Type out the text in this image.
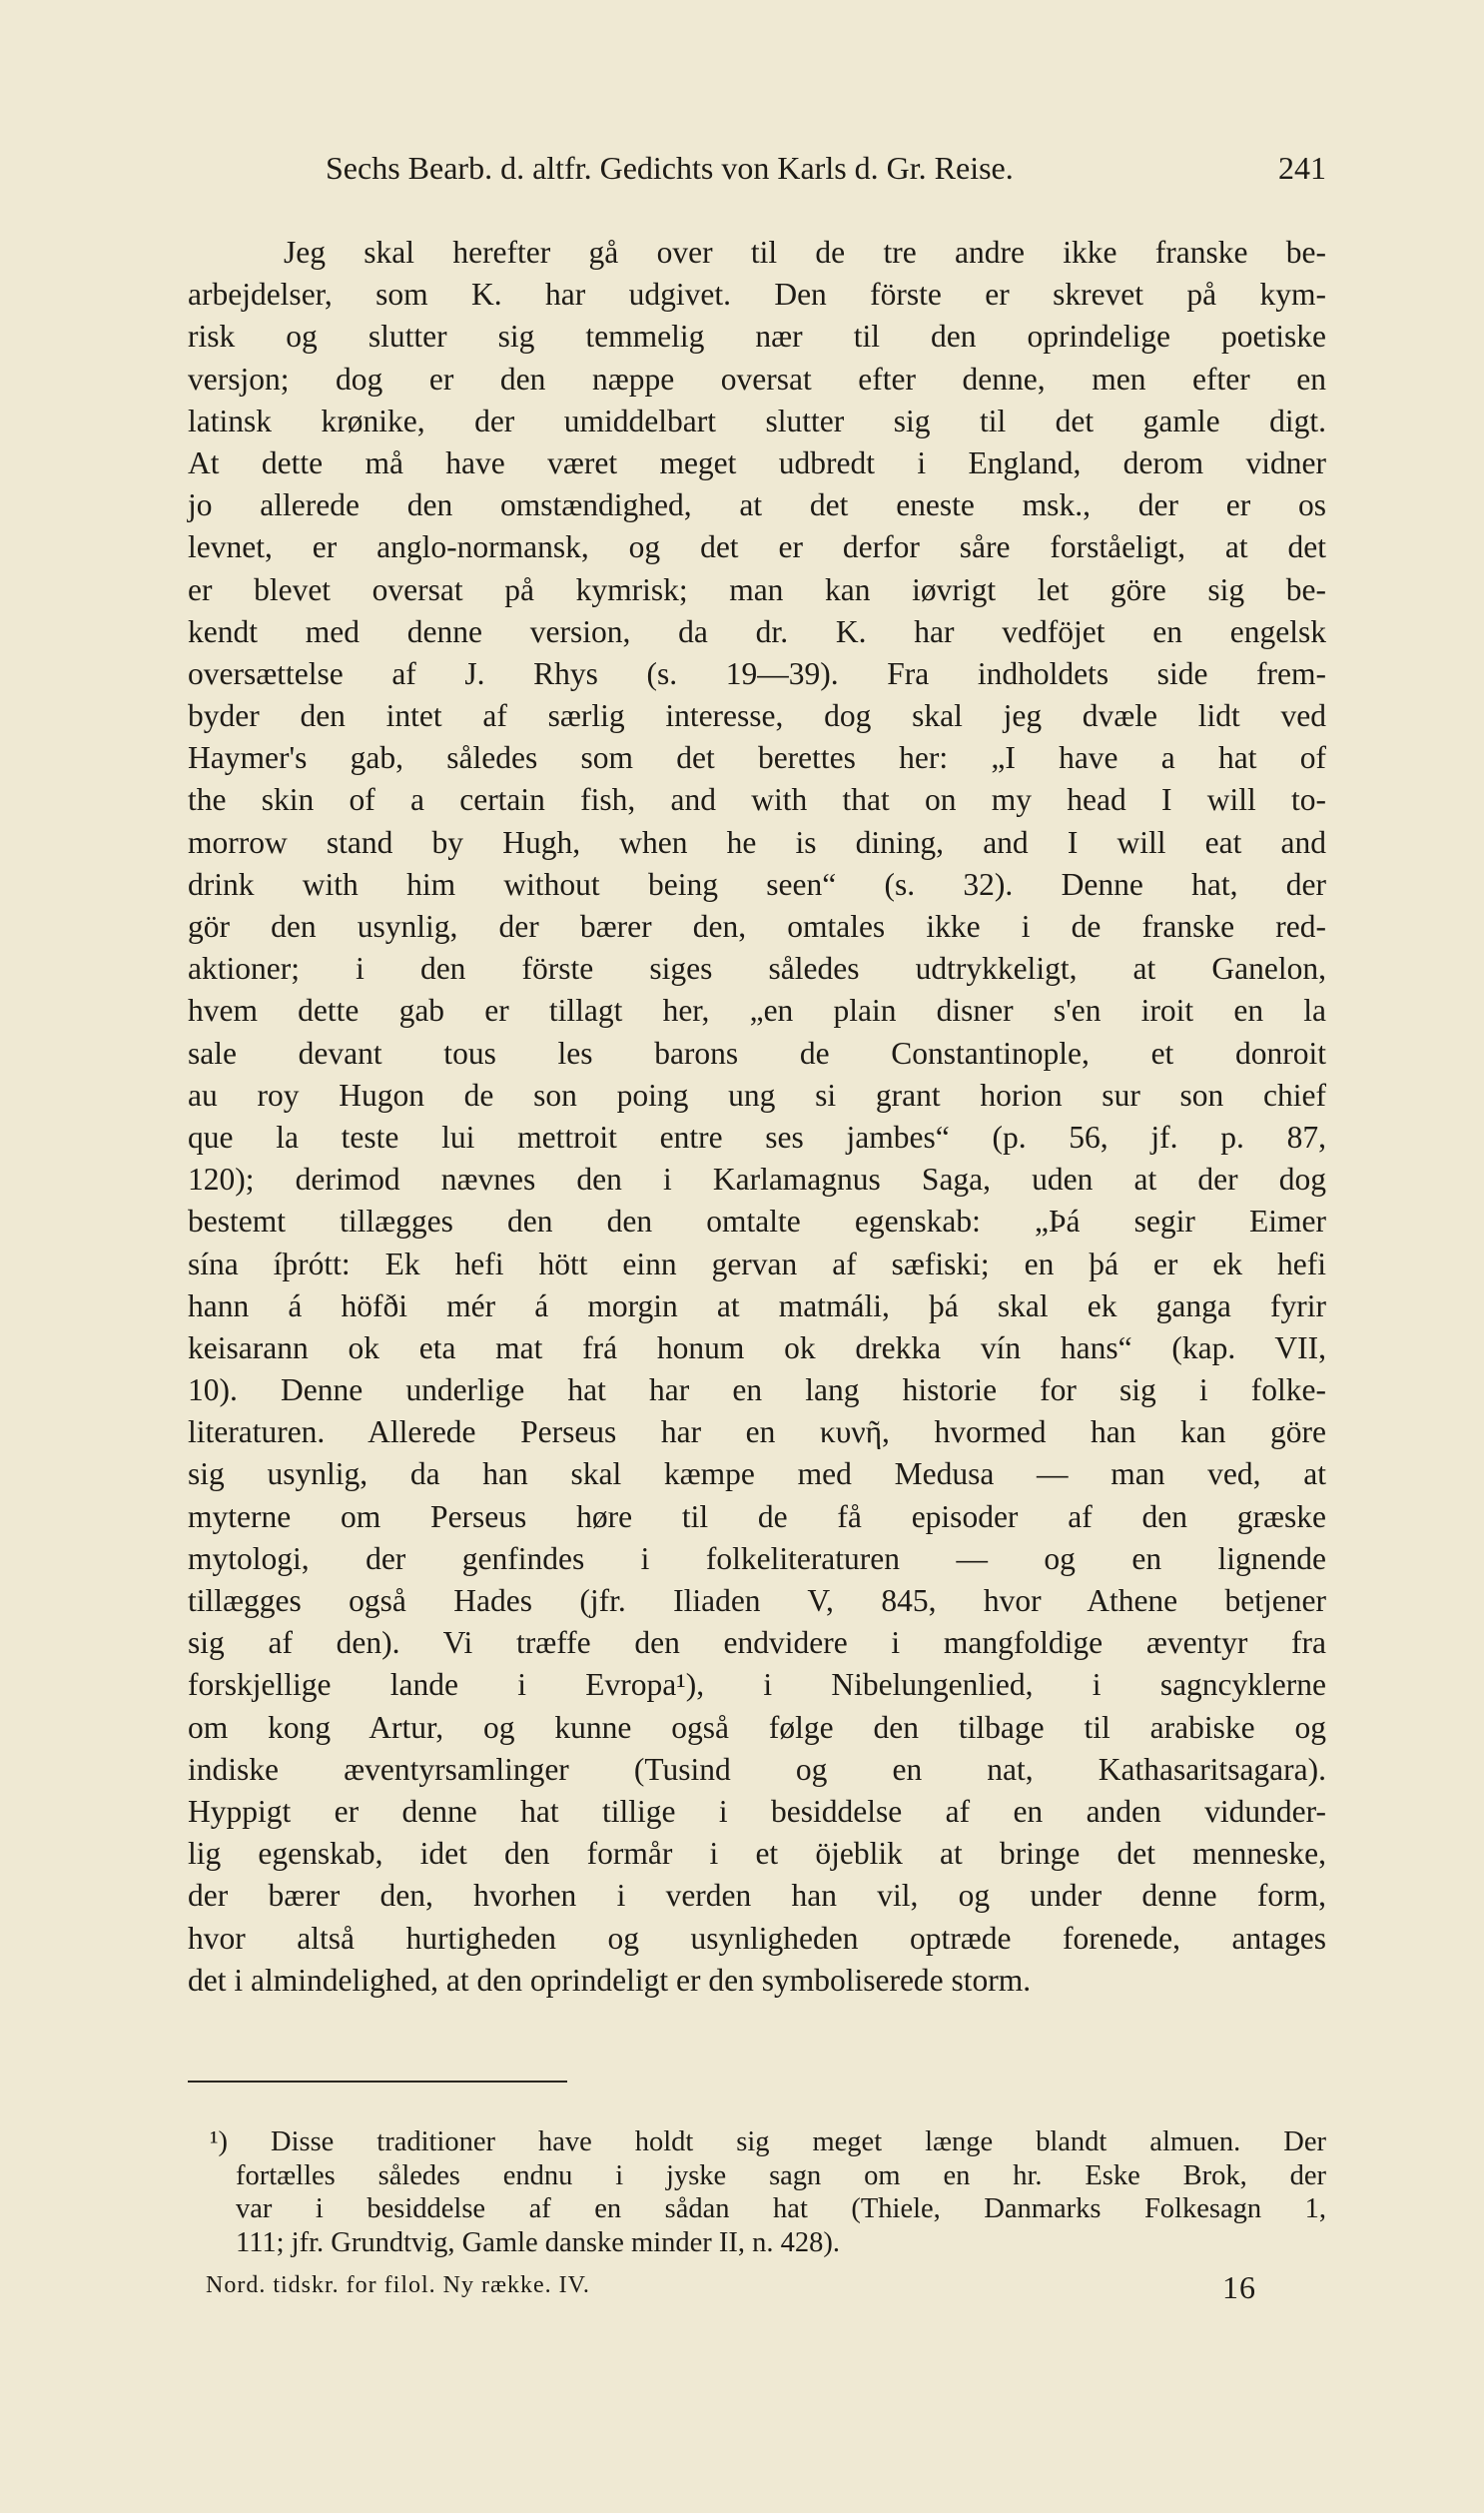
Sechs Bearb. d. altfr. Gedichts von Karls d. Gr. Reise.	241
Jeg skal herefter gå over til de tre andre ikke franske be-
arbejdelser, som K. har udgivet. Den förste er skrevet på kym-
risk og slutter sig temmelig nær til den oprindelige poetiske
versjon; dog er den næppe oversat efter denne, men efter en
latinsk krønike, der umiddelbart slutter sig til det gamle digt.
At dette må have været meget udbredt i England, derom vidner
jo allerede den omstændighed, at det eneste msk., der er os
levnet, er anglo-normansk, og det er derfor såre forståeligt, at det
er blevet oversat på kymrisk; man kan iøvrigt let göre sig be-
kendt med denne version, da dr. K. har vedföjet en engelsk
oversættelse af J. Rhys (s. 19—39). Fra indholdets side frem-
byder den intet af særlig interesse, dog skal jeg dvæle lidt ved
Haymer's gab, således som det berettes her: „I have a hat of
the skin of a certain fish, and with that on my head I will to-
morrow stand by Hugh, when he is dining, and I will eat and
drink with him without being seen“ (s. 32). Denne hat, der
gör den usynlig, der bærer den, omtales ikke i de franske red-
aktioner; i den förste siges således udtrykkeligt, at Ganelon,
hvem dette gab er tillagt her, „en plain disner s'en iroit en la
sale devant tous les barons de Constantinople, et donroit
au roy Hugon de son poing ung si grant horion sur son chief
que la teste lui mettroit entre ses jambes“ (p. 56, jf. p. 87,
120); derimod nævnes den i Karlamagnus Saga, uden at der dog
bestemt tillægges den den omtalte egenskab: „Þá segir Eimer
sína íþrótt: Ek hefi hött einn gervan af sæfiski; en þá er ek hefi
hann á höfði mér á morgin at matmáli, þá skal ek ganga fyrir
keisarann ok eta mat frá honum ok drekka vín hans“ (kap. VII,
10). Denne underlige hat har en lang historie for sig i folke-
literaturen. Allerede Perseus har en κυνῆ, hvormed han kan göre
sig usynlig, da han skal kæmpe med Medusa — man ved, at
myterne om Perseus høre til de få episoder af den græske
mytologi, der genfindes i folkeliteraturen — og en lignende
tillægges også Hades (jfr. Iliaden V, 845, hvor Athene betjener
sig af den). Vi træffe den endvidere i mangfoldige æventyr fra
forskjellige lande i Evropa¹), i Nibelungenlied, i sagncyklerne
om kong Artur, og kunne også følge den tilbage til arabiske og
indiske æventyrsamlinger (Tusind og en nat, Kathasaritsagara).
Hyppigt er denne hat tillige i besiddelse af en anden vidunder-
lig egenskab, idet den formår i et öjeblik at bringe det menneske,
der bærer den, hvorhen i verden han vil, og under denne form,
hvor altså hurtigheden og usynligheden optræde forenede, antages
det i almindelighed, at den oprindeligt er den symboliserede storm.
¹) Disse traditioner have holdt sig meget længe blandt almuen. Der
fortælles således endnu i jyske sagn om en hr. Eske Brok, der
var i besiddelse af en sådan hat (Thiele, Danmarks Folkesagn 1,
111; jfr. Grundtvig, Gamle danske minder II, n. 428).
Nord. tidskr. for filol. Ny række. IV.	16
